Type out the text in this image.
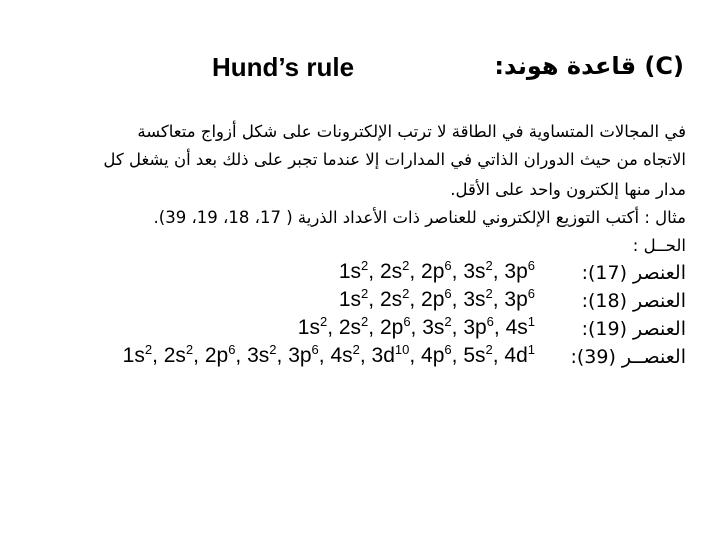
Hund’s rule	(C) قاعدة هوند:
في المجالات المتساوية في الطاقة لا ترتب الإلكترونات على شكل أزواج متعاكسة
الاتجاه من حيث الدوران الذاتي في المدارات إلا عندما تجبر على ذلك بعد أن يشغل كل
مدار منها إلكترون واحد على الأقل.
مثال : أكتب التوزيع الإلكتروني للعناصر ذات الأعداد الذرية ( 17، 18، 19، 39).
الحــل :
العنصر (17):
$1s^2$, $2s^2$, $2p^6$, $3s^2$, $3p^6$
العنصر (18):
$1s^2$, $2s^2$, $2p^6$, $3s^2$, $3p^6$
العنصر (19):
$1s^2$, $2s^2$, $2p^6$, $3s^2$, $3p^6$, $4s^1$
العنصــر (39):
$1s^2$, $2s^2$, $2p^6$, $3s^2$, $3p^6$, $4s^2$, $3d^{10}$, $4p^6$, $5s^2$, $4d^1$
